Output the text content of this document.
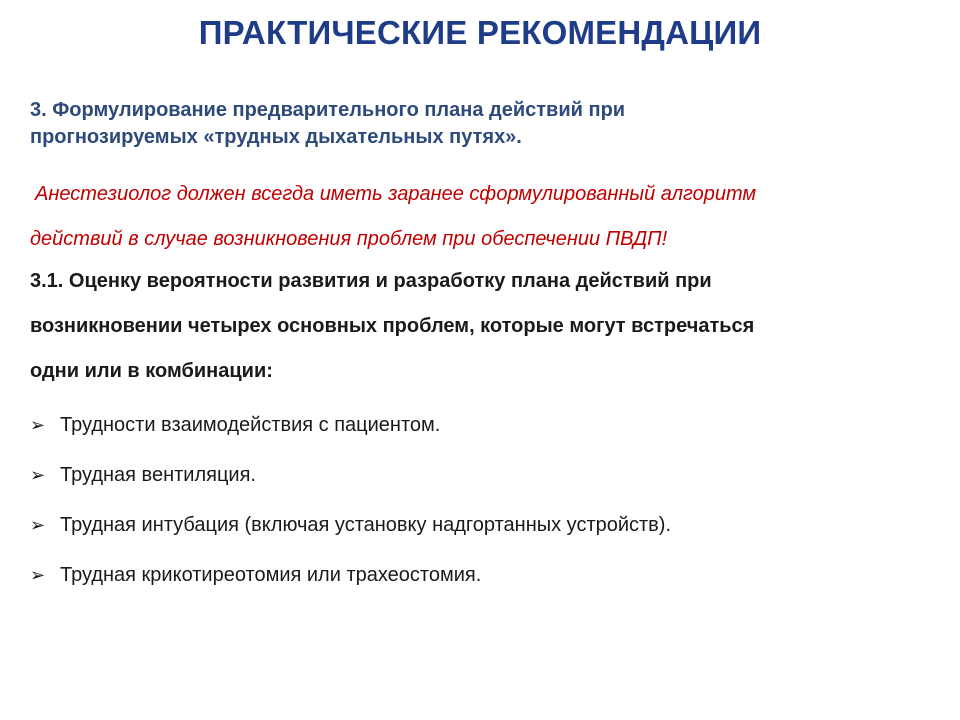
ПРАКТИЧЕСКИЕ РЕКОМЕНДАЦИИ
3. Формулирование предварительного плана действий при
прогнозируемых «трудных дыхательных путях».
Анестезиолог должен всегда иметь заранее сформулированный алгоритм
действий в случае возникновения проблем при обеспечении ПВДП!
3.1. Оценку вероятности развития и разработку плана действий при
возникновении четырех основных проблем, которые могут встречаться
одни или в комбинации:
➢ Трудности взаимодействия с пациентом.
➢ Трудная вентиляция.
➢ Трудная интубация (включая установку надгортанных устройств).
➢ Трудная крикотиреотомия или трахеостомия.
